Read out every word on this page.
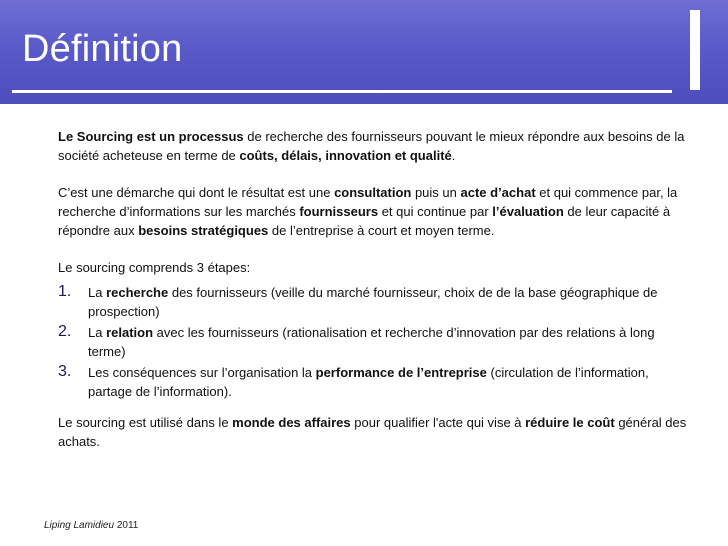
Définition

Le Sourcing est un processus de recherche des fournisseurs pouvant le mieux répondre aux besoins de la société acheteuse en terme de coûts, délais, innovation et qualité.

C’est une démarche qui dont le résultat est une consultation puis un acte d’achat et qui commence par, la recherche d’informations sur les marchés fournisseurs et qui continue par l’évaluation de leur capacité à répondre aux besoins stratégiques de l’entreprise à court et moyen terme.

Le sourcing comprends 3 étapes:

1. La recherche des fournisseurs (veille du marché fournisseur, choix de de la base géographique de prospection)
2. La relation avec les fournisseurs (rationalisation et recherche d’innovation par des relations à long terme)
3. Les conséquences sur l’organisation la performance de l’entreprise (circulation de l’information, partage de l’information).

Le sourcing est utilisé dans le monde des affaires pour qualifier l'acte qui vise à réduire le coût général des achats.

Liping Lamidieu 2011
